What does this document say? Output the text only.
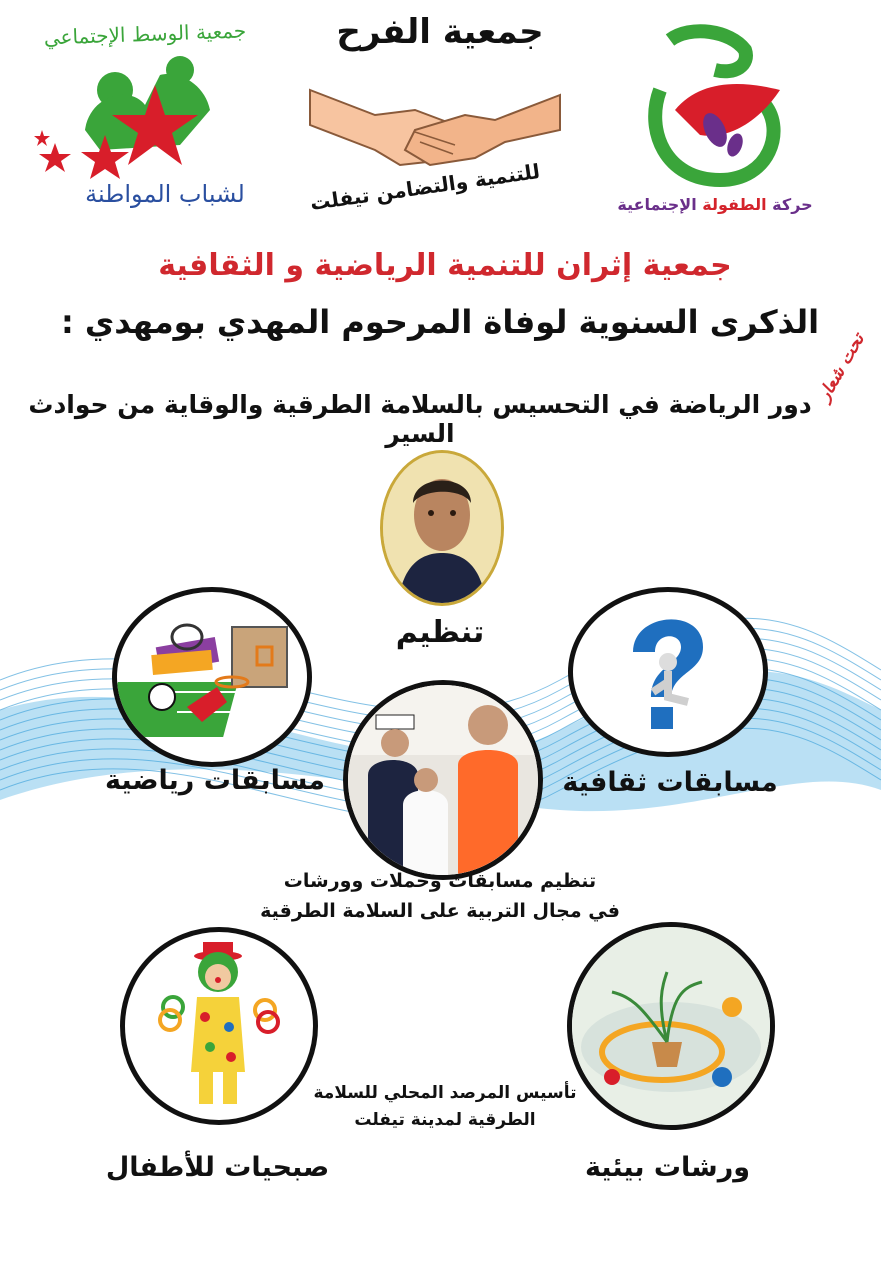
جمعية الوسط الإجتماعي
لشباب المواطنة
جمعية الفرح
للتنمية والتضامن تيفلت	حركة الطفولة الإجتماعية
جمعية إثران للتنمية الرياضية و الثقافية
الذكرى السنوية لوفاة المرحوم المهدي بومهدي :
تحت شعار
دور الرياضة في التحسيس بالسلامة الطرقية والوقاية من حوادث السير
تنظيم
مسابقات رياضية	مسابقات ثقافية
تنظيم مسابقات وحملات وورشات
في مجال التربية على السلامة الطرقية
صبحيات للأطفال	ورشات بيئية
تأسيس المرصد المحلي للسلامة
الطرقية لمدينة تيفلت
